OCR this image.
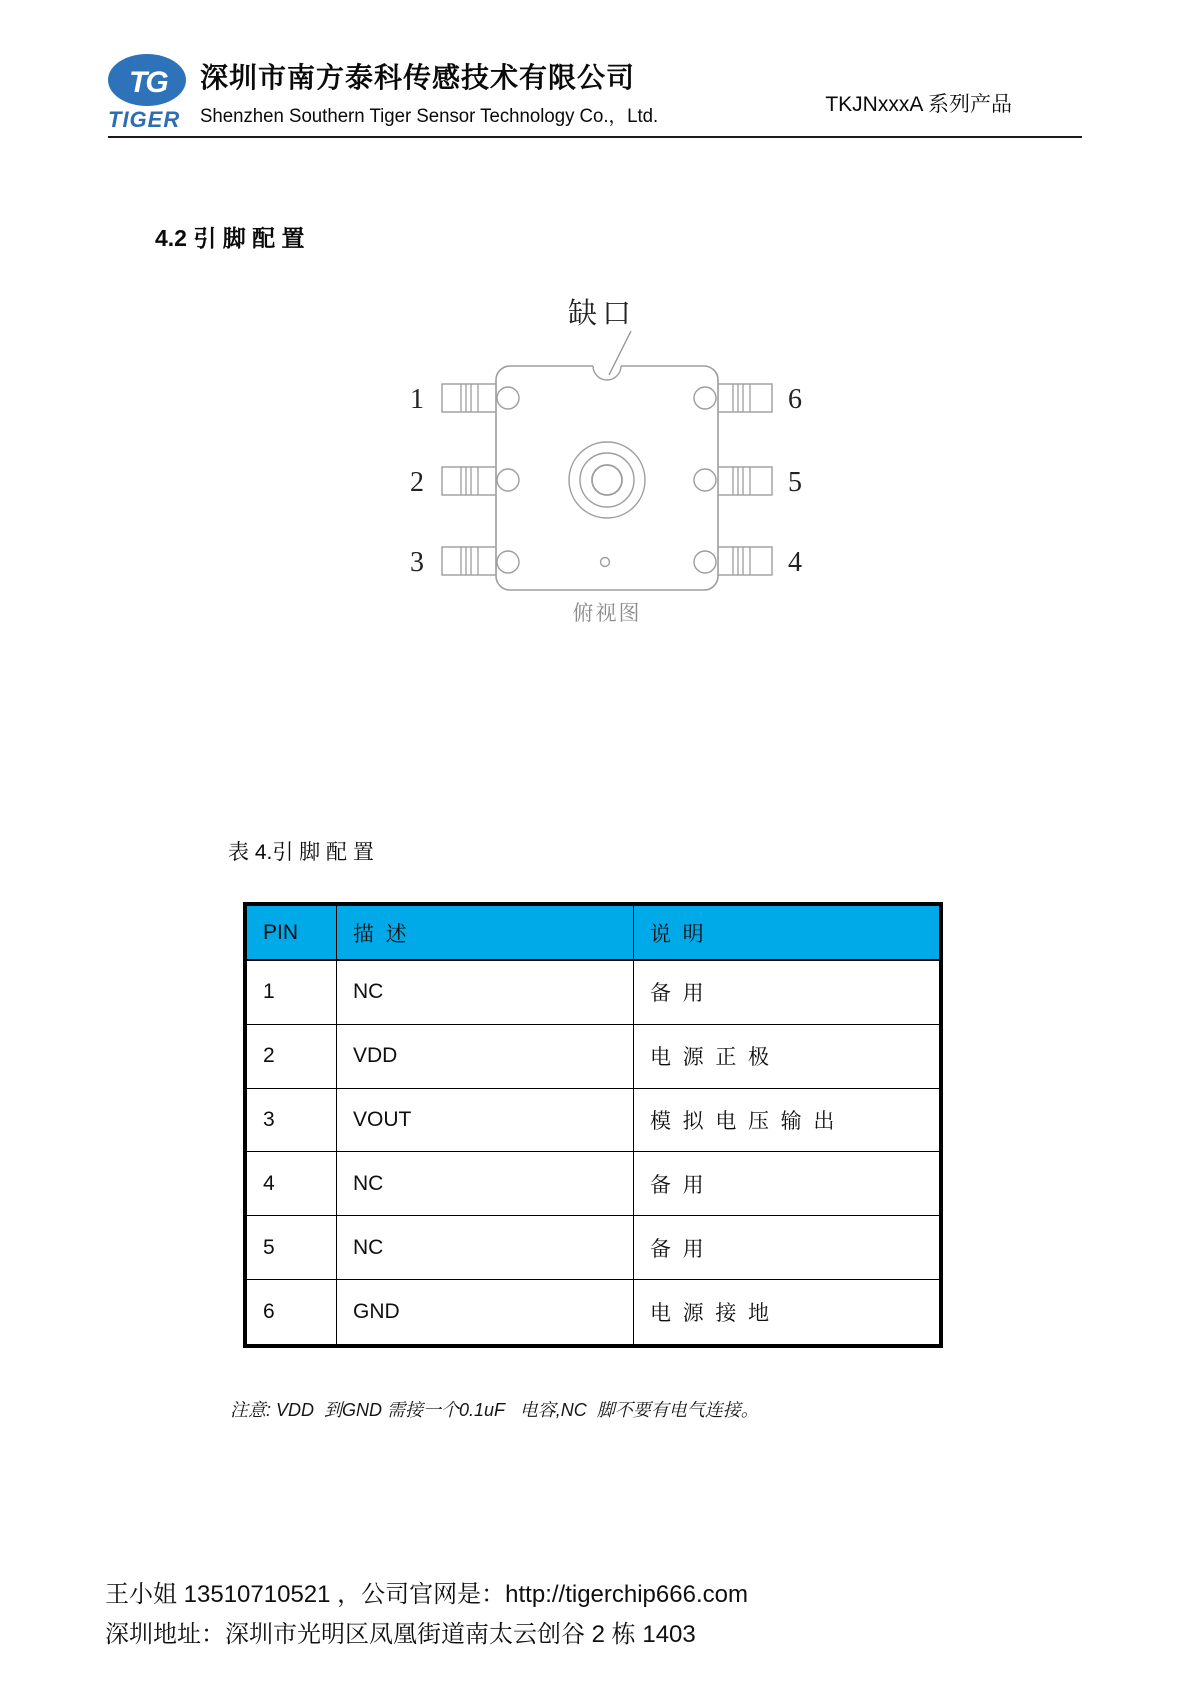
TG
TIGER
深圳市南方泰科传感技术有限公司
Shenzhen Southern Tiger Sensor Technology Co.，Ltd.
TKJNxxxA 系列产品
4.2 引 脚 配 置
缺口
1
2
3
6
5
4
俯视图
表 4.引 脚 配 置
PIN	描  述	说  明
1	NC	备  用
2	VDD	电  源  正  极
3	VOUT	模  拟  电  压  输  出
4	NC	备  用
5	NC	备  用
6	GND	电  源  接  地
注意: VDD  到GND 需接一个0.1uF   电容,NC  脚不要有电气连接。
王小姐 13510710521 ，公司官网是：http://tigerchip666.com
深圳地址：深圳市光明区凤凰街道南太云创谷 2 栋 1403
